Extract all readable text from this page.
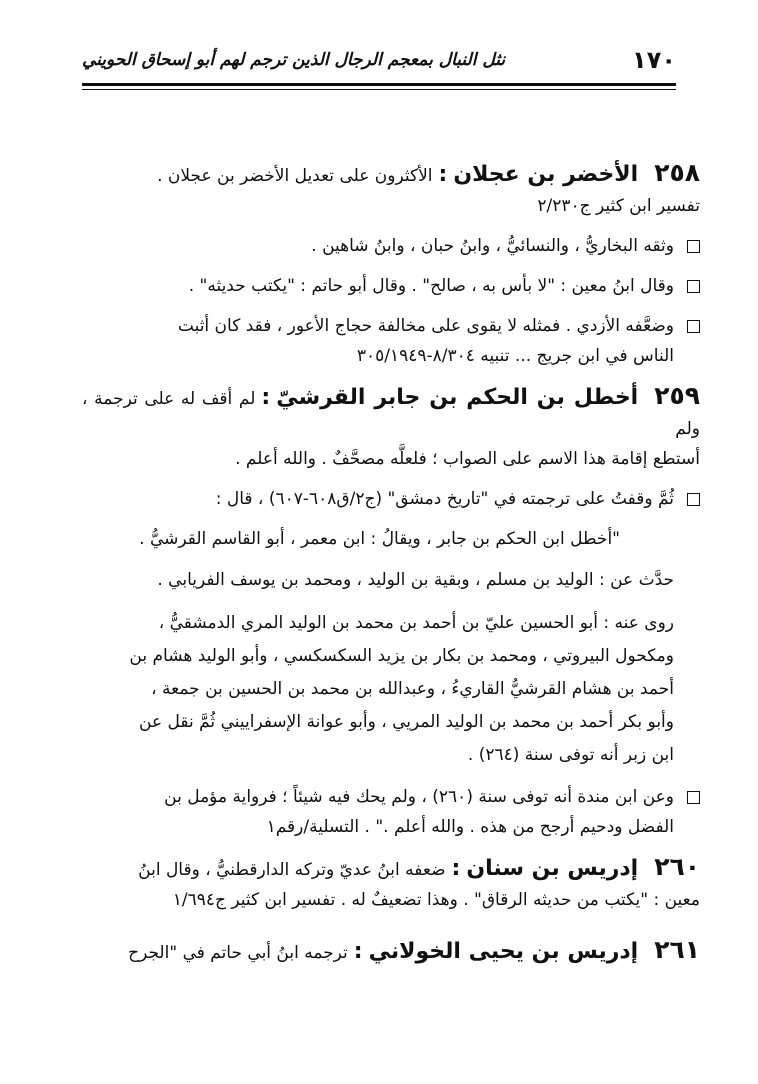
١٧٠
نثل النبال بمعجم الرجال الذين ترجم لهم أبو إسحاق الحويني
٢٥٨الأخضر بن عجلان:الأكثرون على تعديل الأخضر بن عجلان .
تفسير ابن كثير ج٢/٢٣٠
وثقه البخاريُّ ، والنسائيُّ ، وابنُ حبان ، وابنُ شاهين .
وقال ابنُ معين : "لا بأس به ، صالح" . وقال أبو حاتم : "يكتب حديثه" .
وضعَّفه الأزدي . فمثله لا يقوى على مخالفة حجاج الأعور ، فقد كان أثبت
الناس في ابن جريج ... تنبيه ٨/٣٠٤-٣٠٥/١٩٤٩
٢٥٩أخطل بن الحكم بن جابر القرشيّ:لم أقف له على ترجمة ، ولم
أستطع إقامة هذا الاسم على الصواب ؛ فلعلَّه مصحَّفٌ . والله أعلم .
ثُمَّ وقفتُ على ترجمته في "تاريخ دمشق" (ج٢/ق٦٠٨-٦٠٧) ، قال :
"أخطل ابن الحكم بن جابر ، ويقالُ : ابن معمر ، أبو القاسم القرشيُّ .
حدَّث عن : الوليد بن مسلم ، وبقية بن الوليد ، ومحمد بن يوسف الفريابي .
روى عنه : أبو الحسين عليّ بن أحمد بن محمد بن الوليد المري الدمشقيُّ ،
ومكحول البيروتي ، ومحمد بن بكار بن يزيد السكسكسي ، وأبو الوليد هشام بن
أحمد بن هشام القرشيُّ القاريءُ ، وعبدالله بن محمد بن الحسين بن جمعة ،
وأبو بكر أحمد بن محمد بن الوليد المريي ، وأبو عوانة الإسفراييني ثُمَّ نقل عن
ابن زبر أنه توفى سنة (٢٦٤) .
وعن ابن مندة أنه توفى سنة (٢٦٠) ، ولم يحك فيه شيئاً ؛ فرواية مؤمل بن
الفضل ودحيم أرجح من هذه . والله أعلم ." . التسلية/رقم١
٢٦٠إدريس بن سنان:ضعفه ابنُ عديّ وتركه الدارقطنيُّ ، وقال ابنُ
معين : "يكتب من حديثه الرقاق" . وهذا تضعيفٌ له . تفسير ابن كثير ج١/٦٩٤
٢٦١إدريس بن يحيى الخولاني:ترجمه ابنُ أبي حاتم في "الجرح
